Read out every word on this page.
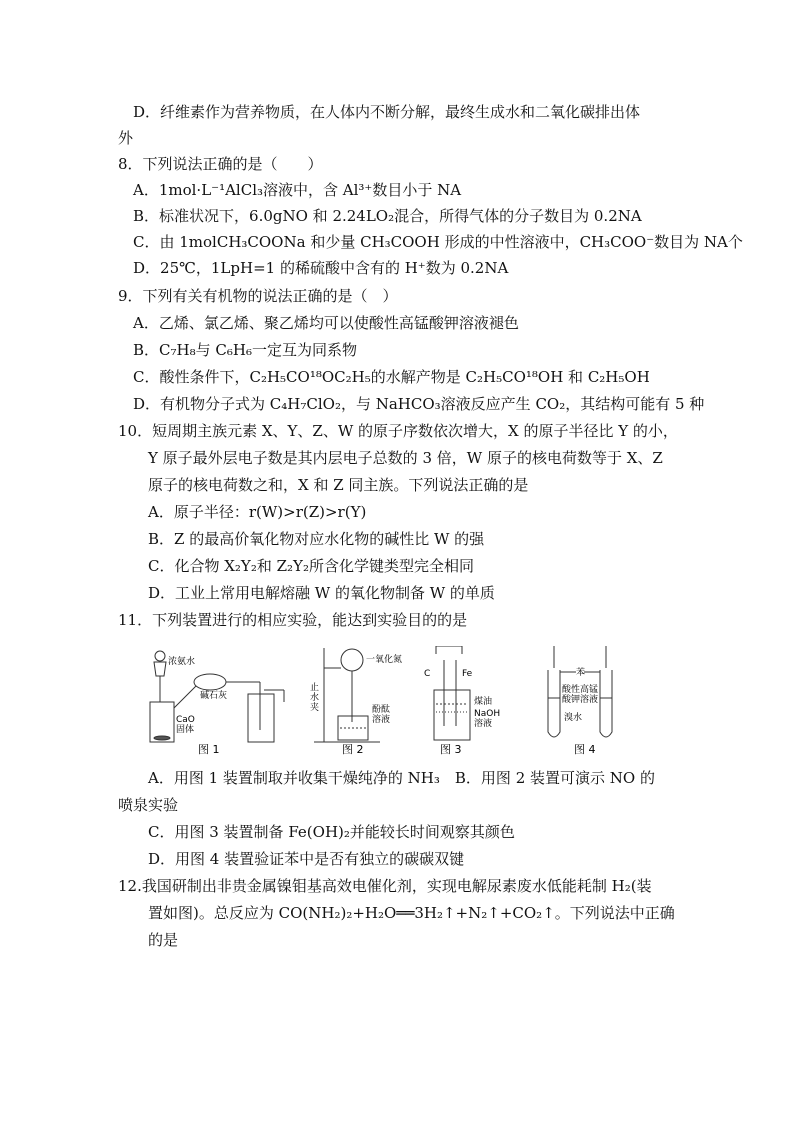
D．纤维素作为营养物质，在人体内不断分解，最终生成水和二氧化碳排出体
外
8．下列说法正确的是（　　）
A．1mol·L⁻¹AlCl₃溶液中，含 Al³⁺数目小于 NA
B．标准状况下，6.0gNO 和 2.24LO₂混合，所得气体的分子数目为 0.2NA
C．由 1molCH₃COONa 和少量 CH₃COOH 形成的中性溶液中，CH₃COO⁻数目为 NA个
D．25℃，1LpH=1 的稀硫酸中含有的 H⁺数为 0.2NA
9．下列有关有机物的说法正确的是（　）
A．乙烯、氯乙烯、聚乙烯均可以使酸性高锰酸钾溶液褪色
B．C₇H₈与 C₆H₆一定互为同系物
C．酸性条件下，C₂H₅CO¹⁸OC₂H₅的水解产物是 C₂H₅CO¹⁸OH 和 C₂H₅OH
D．有机物分子式为 C₄H₇ClO₂，与 NaHCO₃溶液反应产生 CO₂，其结构可能有 5 种
10．短周期主族元素 X、Y、Z、W 的原子序数依次增大，X 的原子半径比 Y 的小，
Y 原子最外层电子数是其内层电子总数的 3 倍，W 原子的核电荷数等于 X、Z
原子的核电荷数之和，X 和 Z 同主族。下列说法正确的是
A．原子半径：r(W)>r(Z)>r(Y)
B．Z 的最高价氧化物对应水化物的碱性比 W 的强
C．化合物 X₂Y₂和 Z₂Y₂所含化学键类型完全相同
D．工业上常用电解熔融 W 的氧化物制备 W 的单质
11．下列装置进行的相应实验，能达到实验目的的是
浓氨水
碱石灰
CaO
固体
图 1
一氧化氮
止
水
夹	酚酞
溶液
图 2
C	Fe
煤油
NaOH
溶液
图 3
苯
酸性高锰
酸钾溶液
溴水
图 4
A．用图 1 装置制取并收集干燥纯净的 NH₃　B．用图 2 装置可演示 NO 的
喷泉实验
C．用图 3 装置制备 Fe(OH)₂并能较长时间观察其颜色
D．用图 4 装置验证苯中是否有独立的碳碳双键
12.我国研制出非贵金属镍钼基高效电催化剂，实现电解尿素废水低能耗制 H₂(装
置如图)。总反应为 CO(NH₂)₂+H₂O══3H₂↑+N₂↑+CO₂↑。下列说法中正确
的是
